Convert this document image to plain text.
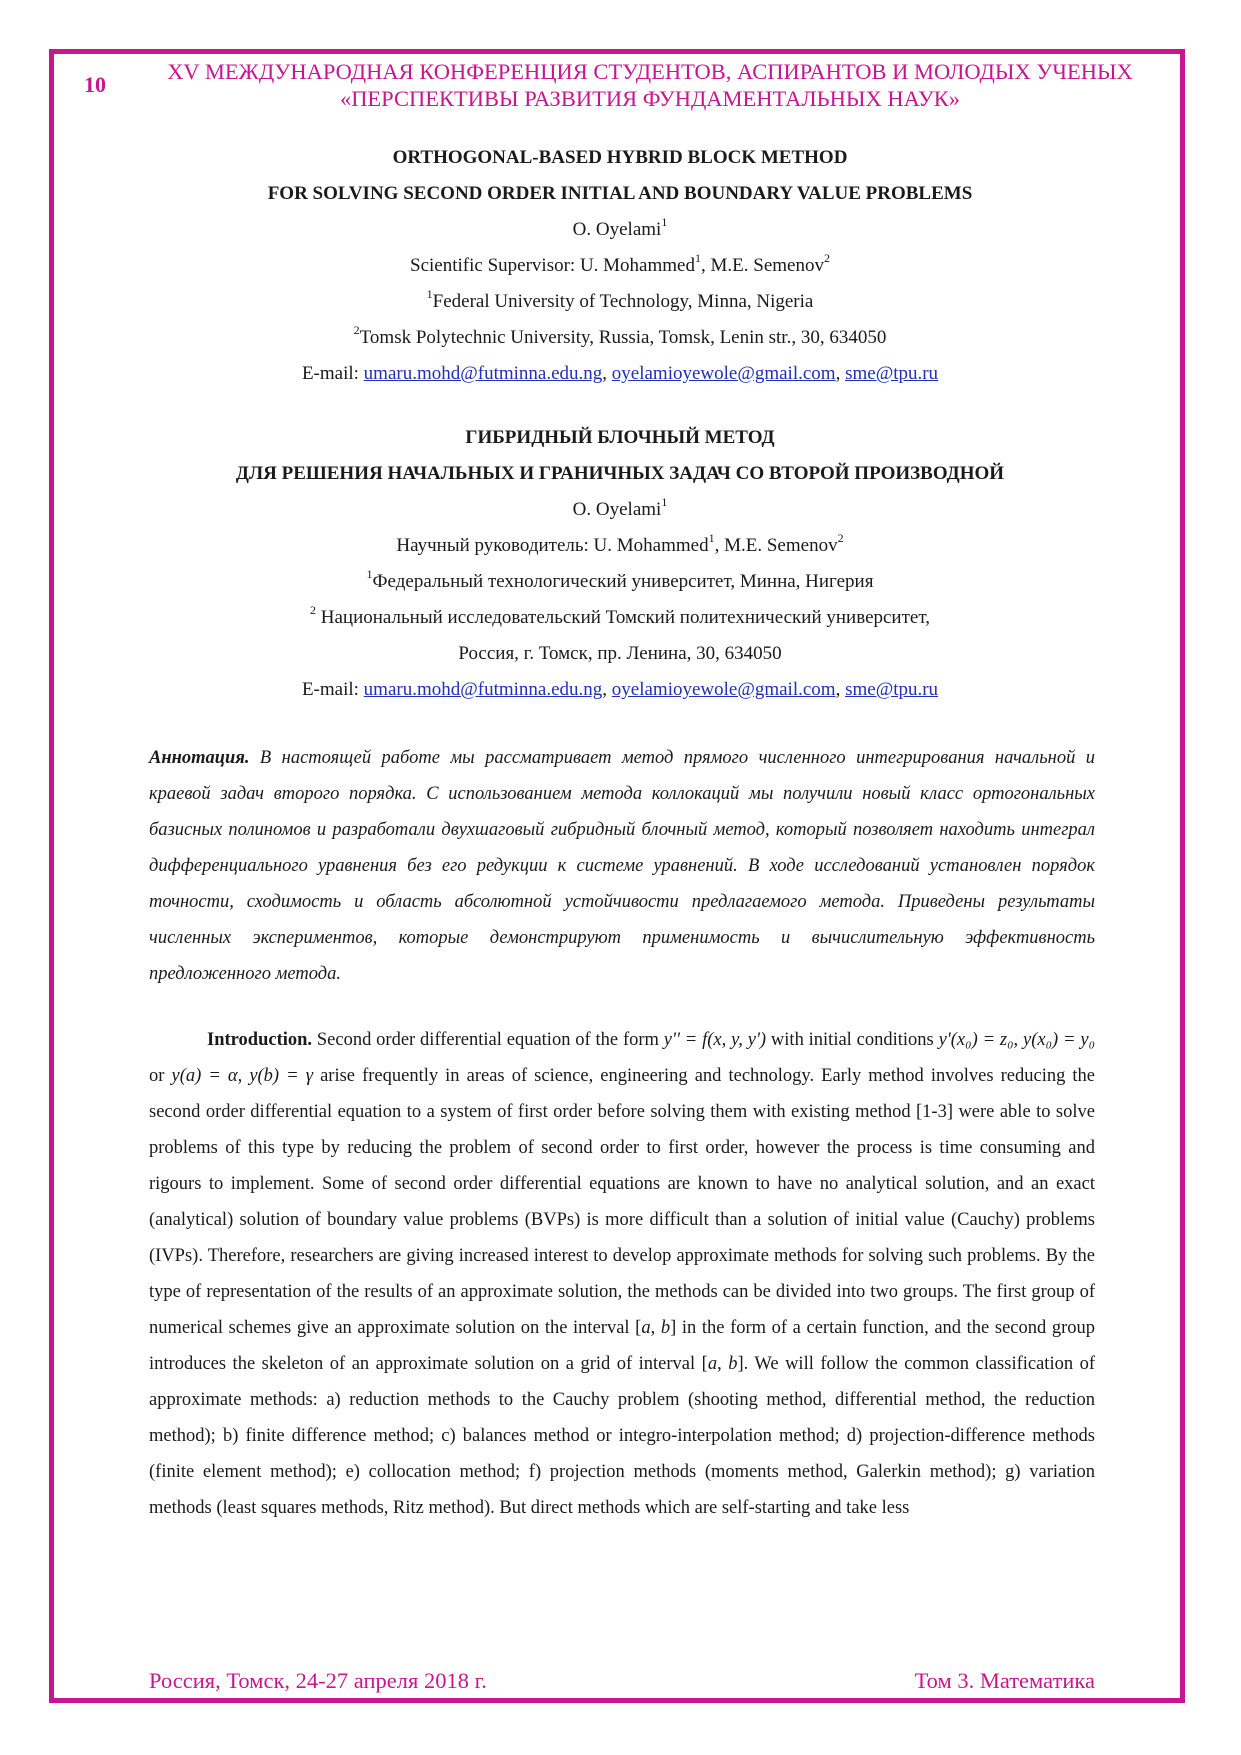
10
XV МЕЖДУНАРОДНАЯ КОНФЕРЕНЦИЯ СТУДЕНТОВ, АСПИРАНТОВ И МОЛОДЫХ УЧЕНЫХ
«ПЕРСПЕКТИВЫ РАЗВИТИЯ ФУНДАМЕНТАЛЬНЫХ НАУК»
ORTHOGONAL-BASED HYBRID BLOCK METHOD
FOR SOLVING SECOND ORDER INITIAL AND BOUNDARY VALUE PROBLEMS
O. Oyelami$^1$
Scientific Supervisor: U. Mohammed$^1$, M.E. Semenov$^2$
$^1$Federal University of Technology, Minna, Nigeria
$^2$Tomsk Polytechnic University, Russia, Tomsk, Lenin str., 30, 634050
E-mail: umaru.mohd@futminna.edu.ng, oyelamioyewole@gmail.com, sme@tpu.ru
ГИБРИДНЫЙ БЛОЧНЫЙ МЕТОД
ДЛЯ РЕШЕНИЯ НАЧАЛЬНЫХ И ГРАНИЧНЫХ ЗАДАЧ СО ВТОРОЙ ПРОИЗВОДНОЙ
O. Oyelami$^1$
Научный руководитель: U. Mohammed$^1$, M.E. Semenov$^2$
$^1$Федеральный технологический университет, Минна, Нигерия
$^2$ Национальный исследовательский Томский политехнический университет,
Россия, г. Томск, пр. Ленина, 30, 634050
E-mail: umaru.mohd@futminna.edu.ng, oyelamioyewole@gmail.com, sme@tpu.ru
Аннотация. В настоящей работе мы рассматривает метод прямого численного интегрирования начальной и краевой задач второго порядка. С использованием метода коллокаций мы получили новый класс ортогональных базисных полиномов и разработали двухшаговый гибридный блочный метод, который позволяет находить интеграл дифференциального уравнения без его редукции к системе уравнений. В ходе исследований установлен порядок точности, сходимость и область абсолютной устойчивости предлагаемого метода. Приведены результаты численных экспериментов, которые демонстрируют применимость и вычислительную эффективность предложенного метода.

Introduction. Second order differential equation of the form y'' = f(x, y, y') with initial conditions y'(x₀) = z₀, y(x₀) = y₀ or y(a) = α, y(b) = γ arise frequently in areas of science, engineering and technology. Early method involves reducing the second order differential equation to a system of first order before solving them with existing method [1-3] were able to solve problems of this type by reducing the problem of second order to first order, however the process is time consuming and rigours to implement. Some of second order differential equations are known to have no analytical solution, and an exact (analytical) solution of boundary value problems (BVPs) is more difficult than a solution of initial value (Cauchy) problems (IVPs). Therefore, researchers are giving increased interest to develop approximate methods for solving such problems. By the type of representation of the results of an approximate solution, the methods can be divided into two groups. The first group of numerical schemes give an approximate solution on the interval [a, b] in the form of a certain function, and the second group introduces the skeleton of an approximate solution on a grid of interval [a, b]. We will follow the common classification of approximate methods: a) reduction methods to the Cauchy problem (shooting method, differential method, the reduction method); b) finite difference method; c) balances method or integro-interpolation method; d) projection-difference methods (finite element method); e) collocation method; f) projection methods (moments method, Galerkin method); g) variation methods (least squares methods, Ritz method). But direct methods which are self-starting and take less

Россия, Томск, 24-27 апреля 2018 г.	Том 3. Математика
